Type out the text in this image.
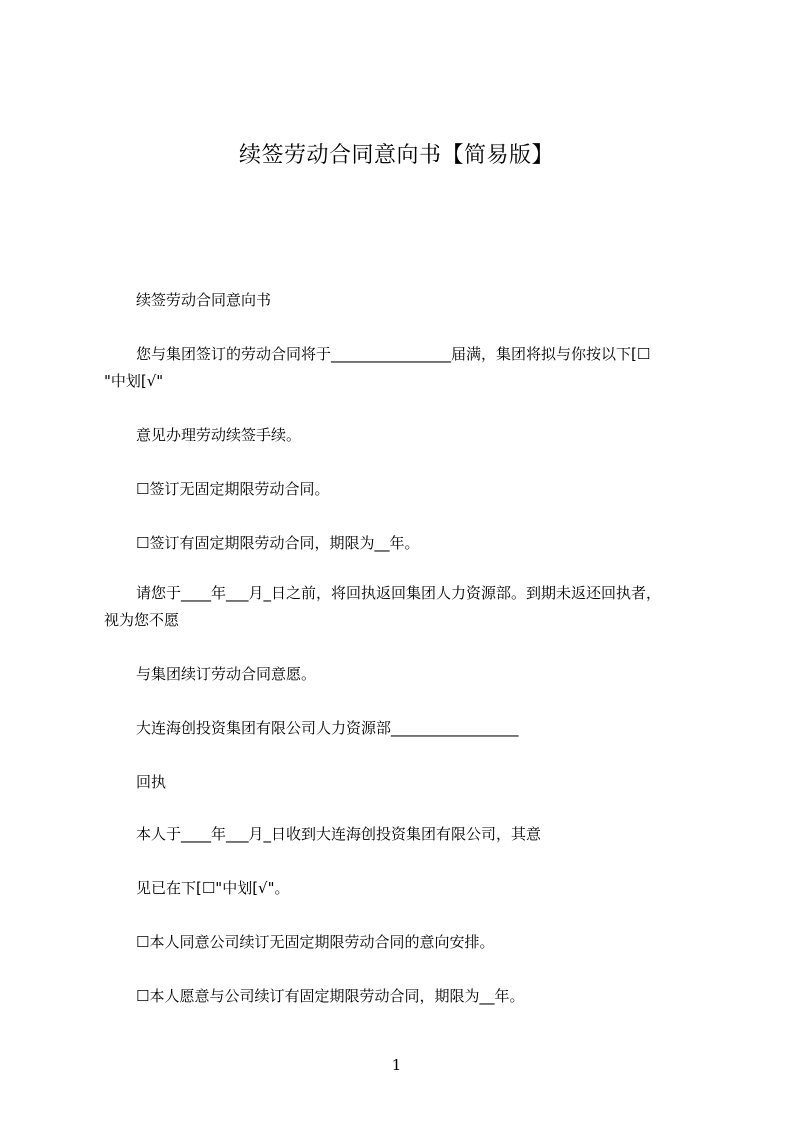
续签劳动合同意向书【简易版】
续签劳动合同意向书
您与集团签订的劳动合同将于________________届满，集团将拟与你按以下[☐
"中划[√"
意见办理劳动续签手续。
☐签订无固定期限劳动合同。
☐签订有固定期限劳动合同，期限为__年。
请您于____年___月_日之前，将回执返回集团人力资源部。到期未返还回执者，
视为您不愿
与集团续订劳动合同意愿。
大连海创投资集团有限公司人力资源部_________________
回执
本人于____年___月_日收到大连海创投资集团有限公司，其意
见已在下[☐"中划[√"。
☐本人同意公司续订无固定期限劳动合同的意向安排。
☐本人愿意与公司续订有固定期限劳动合同，期限为__年。
1
